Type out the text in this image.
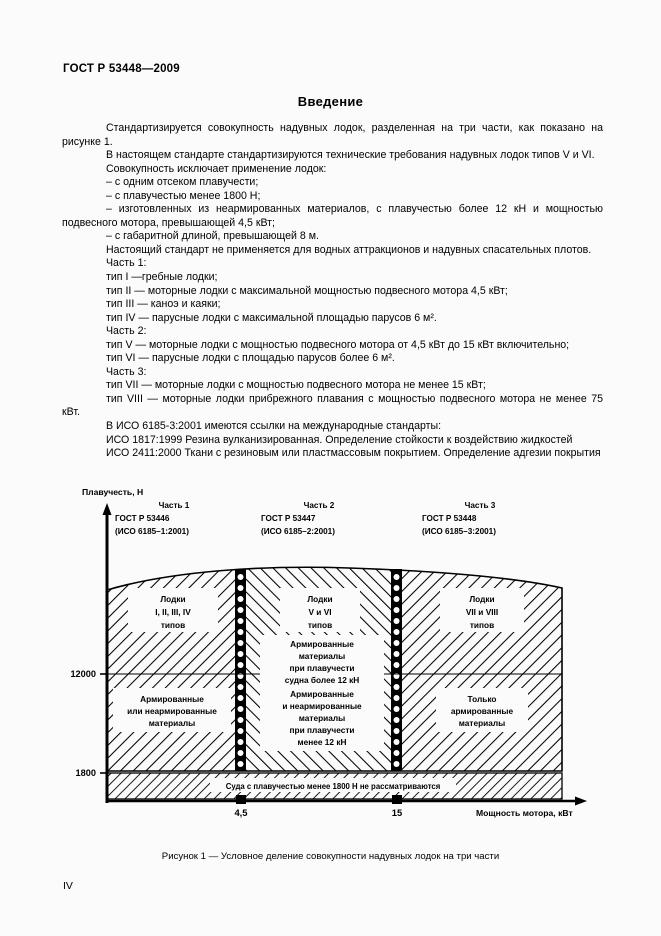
ГОСТ Р 53448—2009
Введение

Стандартизируется совокупность надувных лодок, разделенная на три части, как показано на рисунке 1.

В настоящем стандарте стандартизируются технические требования надувных лодок типов V и VI.

Совокупность исключает применение лодок:

– с одним отсеком плавучести;

– с плавучестью менее 1800 Н;

– изготовленных из неармированных материалов, с плавучестью более 12 кН и мощностью подвесного мотора, превышающей 4,5 кВт;

– с габаритной длиной, превышающей 8 м.

Настоящий стандарт не применяется для водных аттракционов и надувных спасательных плотов.

Часть 1:

тип I —гребные лодки;

тип II — моторные лодки с максимальной мощностью подвесного мотора 4,5 кВт;

тип III — каноэ и каяки;

тип IV — парусные лодки с максимальной площадью парусов 6 м².

Часть 2:

тип V — моторные лодки с мощностью подвесного мотора от 4,5 кВт до 15 кВт включительно;

тип VI — парусные лодки с площадью парусов более 6 м².

Часть 3:

тип VII — моторные лодки с мощностью подвесного мотора не менее 15 кВт;

тип VIII — моторные лодки прибрежного плавания с мощностью подвесного мотора не менее 75 кВт.

В ИСО 6185-3:2001 имеются ссылки на международные стандарты:

ИСО 1817:1999 Резина вулканизированная. Определение стойкости к воздействию жидкостей

ИСО 2411:2000 Ткани с резиновым или пластмассовым покрытием. Определение адгезии покрытия

Плавучесть, Н
12000
1800
4,5	15	Мощность мотора, кВт
Часть 1
ГОСТ Р 53446
(ИСО 6185–1:2001)
Часть 2
ГОСТ Р 53447
(ИСО 6185–2:2001)
Часть 3
ГОСТ Р 53448
(ИСО 6185–3:2001)
Лодки
I, II, III, IV
типов
Армированные
или неармированные
материалы
Лодки
V и VI
типов
Армированные
материалы
при плавучести
судна более 12 кН
Армированные
и неармированные
материалы
при плавучести
менее 12 кН
Лодки
VII и VIII
типов
Только
армированные
материалы
Суда с плавучестью менее 1800 Н не рассматриваются
Рисунок 1 — Условное деление совокупности надувных лодок на три части
IV
